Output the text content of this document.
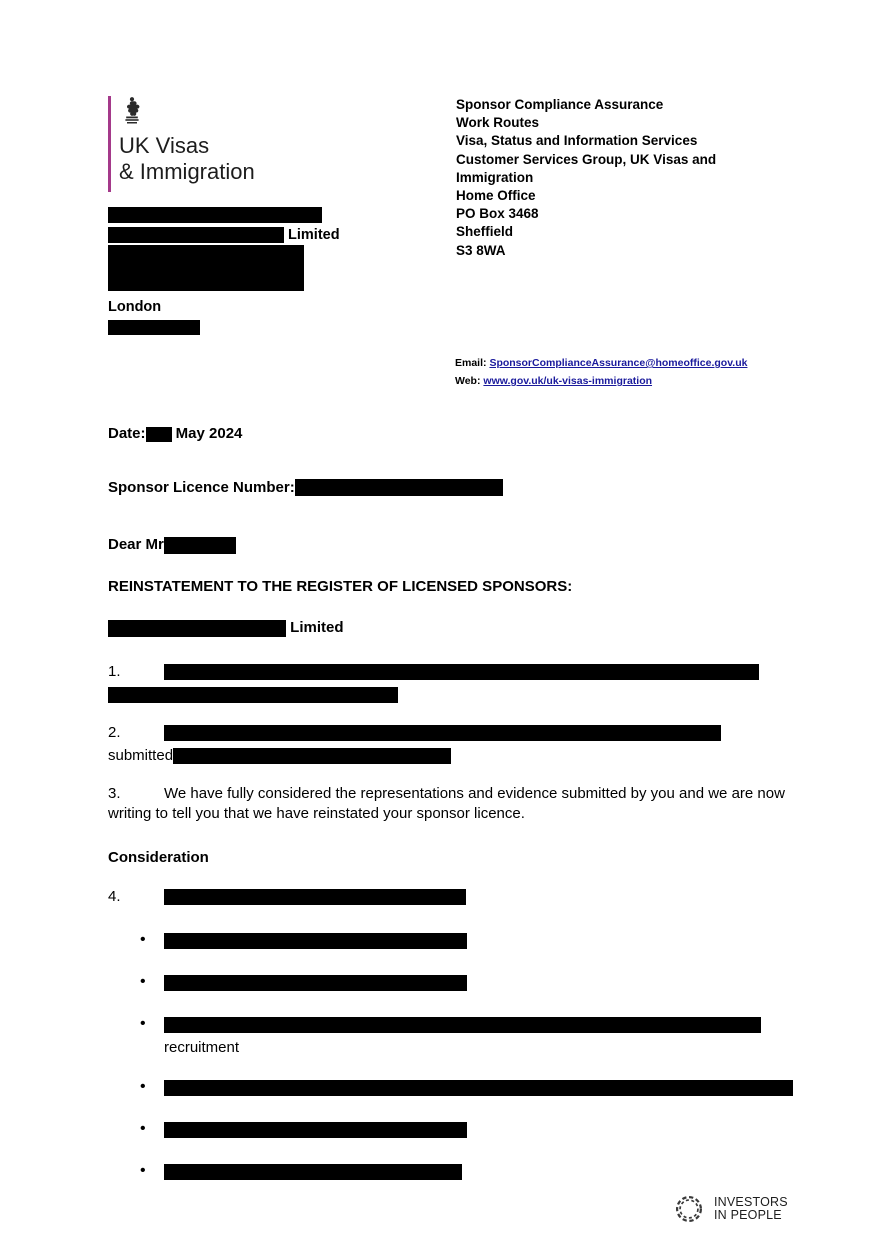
UK Visas
& Immigration
Sponsor Compliance Assurance
Work Routes
Visa, Status and Information Services
Customer Services Group, UK Visas and
Immigration
Home Office
PO Box 3468
Sheffield
S3 8WA
Limited
London
Email: SponsorComplianceAssurance@homeoffice.gov.uk
Web: www.gov.uk/uk-visas-immigration
Date: May 2024
Sponsor Licence Number:
Dear Mr
REINSTATEMENT TO THE REGISTER OF LICENSED SPONSORS:
Limited
1.
2.
submitted
3.	We have fully considered the representations and evidence submitted by you and we are now writing to tell you that we have reinstated your sponsor licence.
Consideration
4.
•
•
• recruitment
•
•
•
INVESTORS
IN PEOPLE
